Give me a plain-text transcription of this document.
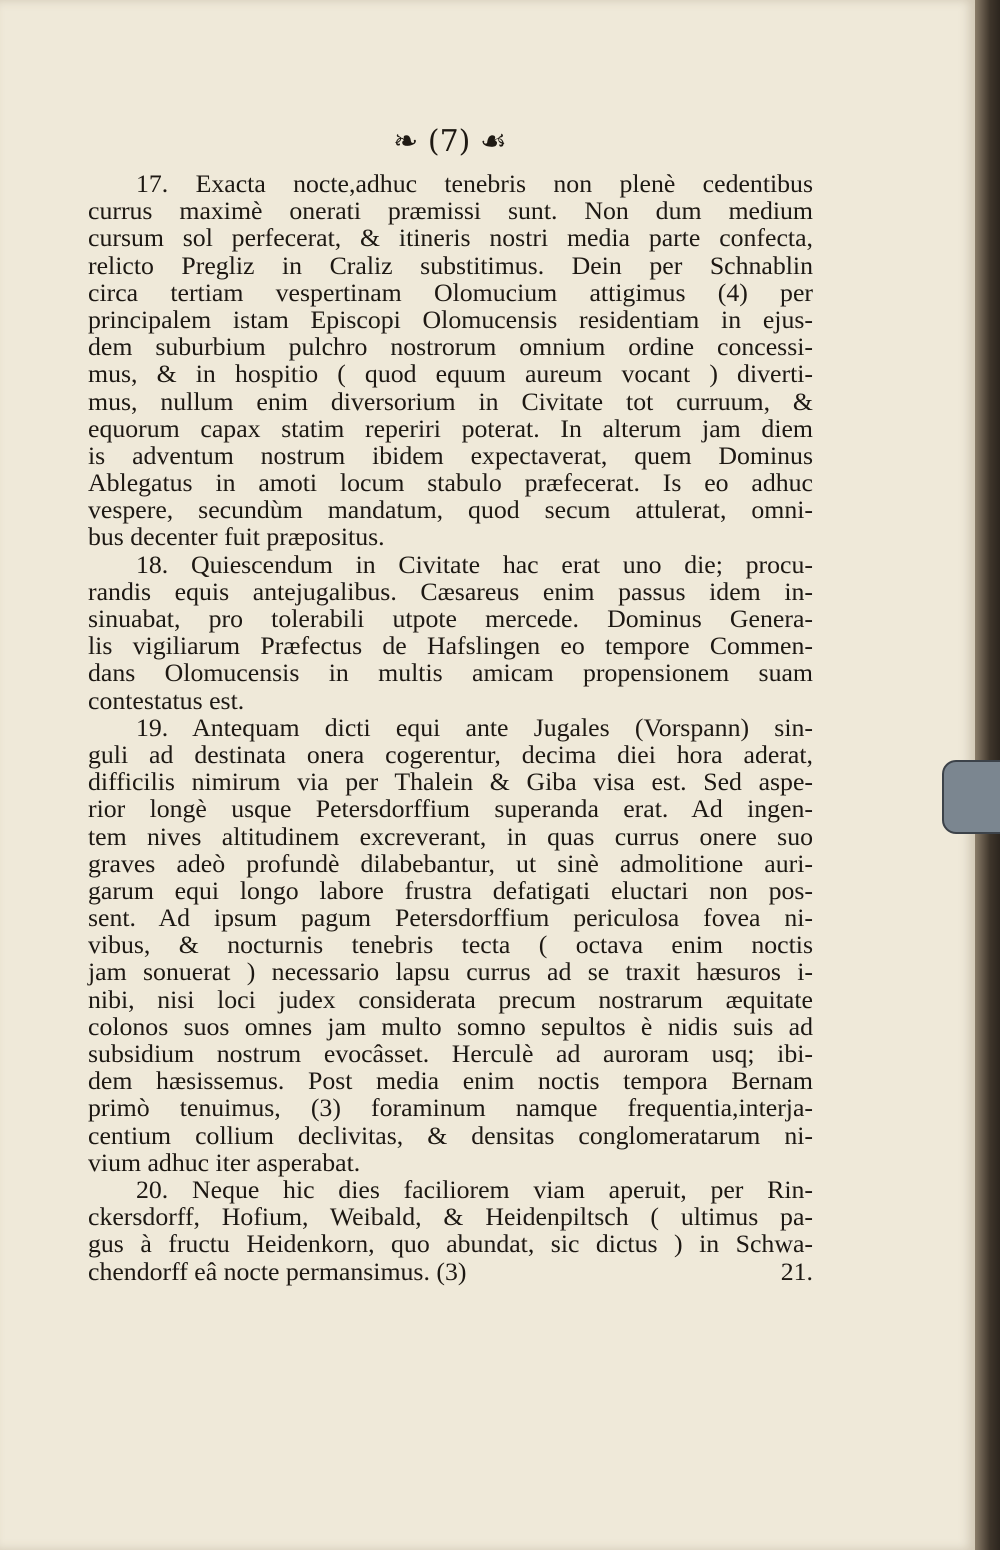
❧ (7) ☙
17. Exacta nocte,adhuc tenebris non plenè cedentibus
currus maximè onerati præmissi sunt. Non dum medium
cursum sol perfecerat, & itineris nostri media parte confecta,
relicto Pregliz in Craliz substitimus. Dein per Schnablin
circa tertiam vespertinam Olomucium attigimus (4) per
principalem istam Episcopi Olomucensis residentiam in ejus-
dem suburbium pulchro nostrorum omnium ordine concessi-
mus, & in hospitio ( quod equum aureum vocant ) diverti-
mus, nullum enim diversorium in Civitate tot curruum, &
equorum capax statim reperiri poterat. In alterum jam diem
is adventum nostrum ibidem expectaverat, quem Dominus
Ablegatus in amoti locum stabulo præfecerat. Is eo adhuc
vespere, secundùm mandatum, quod secum attulerat, omni-
bus decenter fuit præpositus.
18. Quiescendum in Civitate hac erat uno die; procu-
randis equis antejugalibus. Cæsareus enim passus idem in-
sinuabat, pro tolerabili utpote mercede. Dominus Genera-
lis vigiliarum Præfectus de Hafslingen eo tempore Commen-
dans Olomucensis in multis amicam propensionem suam
contestatus est.
19. Antequam dicti equi ante Jugales (Vorspann) sin-
guli ad destinata onera cogerentur, decima diei hora aderat,
difficilis nimirum via per Thalein & Giba visa est. Sed aspe-
rior longè usque Petersdorffium superanda erat. Ad ingen-
tem nives altitudinem excreverant, in quas currus onere suo
graves adeò profundè dilabebantur, ut sinè admolitione auri-
garum equi longo labore frustra defatigati eluctari non pos-
sent. Ad ipsum pagum Petersdorffium periculosa fovea ni-
vibus, & nocturnis tenebris tecta ( octava enim noctis
jam sonuerat ) necessario lapsu currus ad se traxit hæsuros i-
nibi, nisi loci judex considerata precum nostrarum æquitate
colonos suos omnes jam multo somno sepultos è nidis suis ad
subsidium nostrum evocâsset. Herculè ad auroram usq; ibi-
dem hæsissemus. Post media enim noctis tempora Bernam
primò tenuimus, (3) foraminum namque frequentia,interja-
centium collium declivitas, & densitas conglomeratarum ni-
vium adhuc iter asperabat.
20. Neque hic dies faciliorem viam aperuit, per Rin-
ckersdorff, Hofium, Weibald, & Heidenpiltsch ( ultimus pa-
gus à fructu Heidenkorn, quo abundat, sic dictus ) in Schwa-
chendorff eâ nocte permansimus. (3)	21.
